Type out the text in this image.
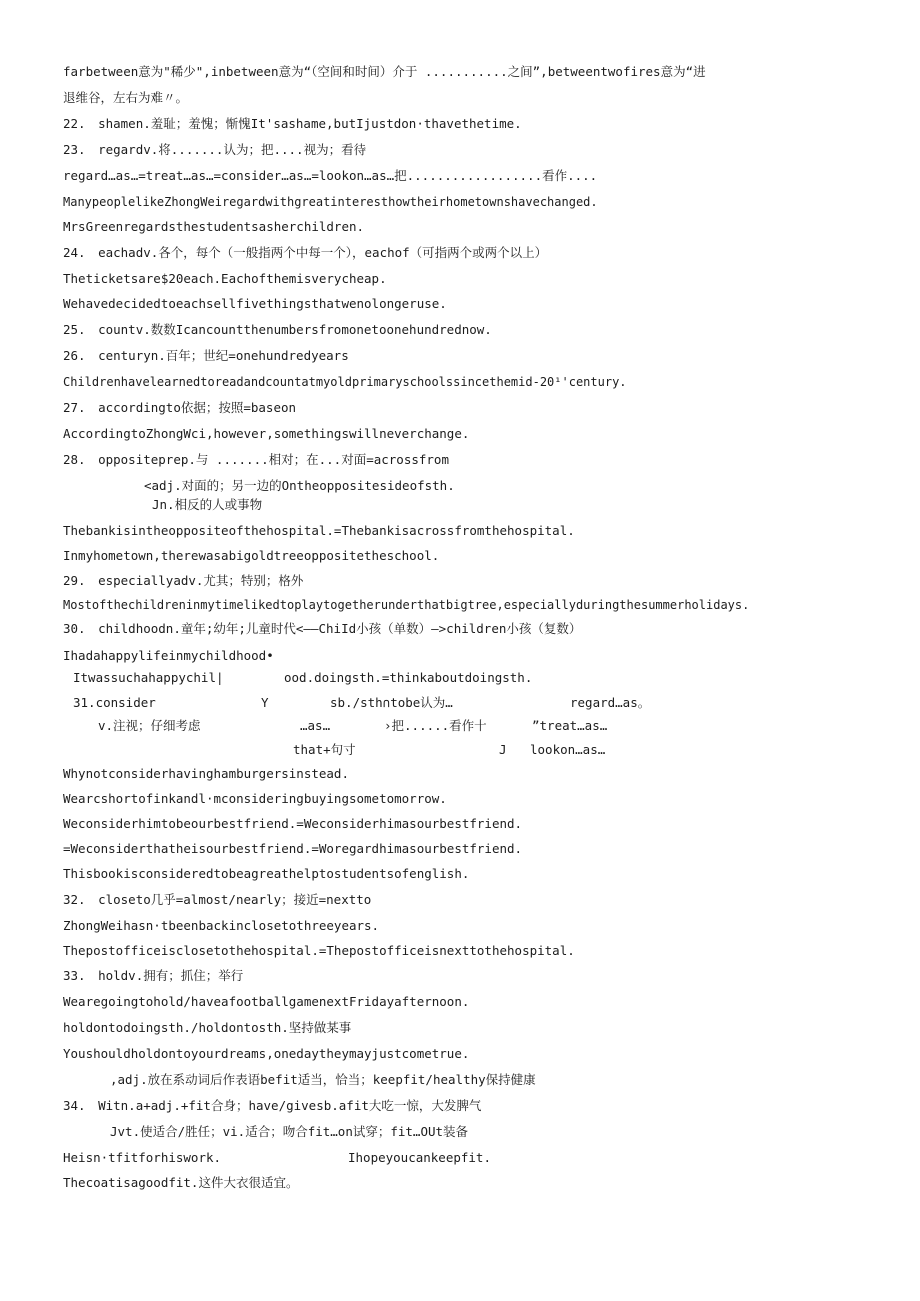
farbetween意为"稀少",inbetween意为“（空间和时间）介于 ...........之间”,betweentwofires意为“进
退维谷，左右为难〃。
22.　shamen.羞耻；羞愧；惭愧It'sashame,butIjustdon·thavethetime.
23.　regardv.将.......认为；把....视为；看待
regard…as…=treat…as…=consider…as…=lookon…as…把..................看作....
ManypeoplelikeZhongWeiregardwithgreatinteresthowtheirhometownshavechanged.
MrsGreenregardsthestudentsasherchildren.
24.　eachadv.各个，每个（一般指两个中每一个），eachof（可指两个或两个以上）
Theticketsare$20each.Eachofthemisverycheap.
Wehavedecidedtoeachsellfivethingsthatwenolongeruse.
25.　countv.数数Icancountthenumbersfromonetoonehundrednow.
26.　centuryn.百年；世纪=onehundredyears
Childrenhavelearnedtoreadandcountatmyoldprimaryschoolssincethemid-20¹'century.
27.　accordingto依据；按照=baseon
AccordingtoZhongWci,however,somethingswillneverchange.
28.　oppositeprep.与 .......相对；在...对面=acrossfrom
<adj.对面的；另一边的Ontheoppositesideofsth.
Jn.相反的人或事物
Thebankisintheoppositeofthehospital.=Thebankisacrossfromthehospital.
Inmyhometown,therewasabigoldtreeoppositetheschool.
29.　especiallyadv.尤其；特别；格外
Mostofthechildreninmytimelikedtoplaytogetherunderthatbigtree,especiallyduringthesummerholidays.
30.　childhoodn.童年;幼年;儿童时代<——ChiId小孩（单数）—>children小孩（复数）
Ihadahappylifeinmychildhood•
Itwassuchahappychil|	ood.doingsth.=thinkaboutdoingsth.
31.consider	Y	sb./sth∩tobe认为…	regard…as。
v.注视；仔细考虑	…as…	›把......看作十	”treat…as…
that+句寸	J lookon…as…
Whynotconsiderhavinghamburgersinstead.
Wearcshortofinkandl·mconsideringbuyingsometomorrow.
Weconsiderhimtobeourbestfriend.=Weconsiderhimasourbestfriend.
=Weconsiderthatheisourbestfriend.=Woregardhimasourbestfriend.
Thisbookisconsideredtobeagreathelptostudentsofenglish.
32.　closeto几乎=almost/nearly；接近=nextto
ZhongWeihasn·tbeenbackinclosetothreeyears.
Thepostofficeisclosetothehospital.=Thepostofficeisnexttothehospital.
33.　holdv.拥有；抓住；举行
Wearegoingtohold/haveafootballgamenextFridayafternoon.
holdontodoingsth./holdontosth.坚持做某事
Youshouldholdontoyourdreams,onedaytheymayjustcometrue.
,adj.放在系动词后作表语befit适当，恰当；keepfit/healthy保持健康
34.　Witn.a+adj.+fit合身；have/givesb.afit大吃一惊，大发脾气
Jvt.使适合/胜任；vi.适合；吻合fit…on试穿；fit…OUt装备
Heisn·tfitforhiswork.	Ihopeyoucankeepfit.
Thecoatisagoodfit.这件大衣很适宜。
